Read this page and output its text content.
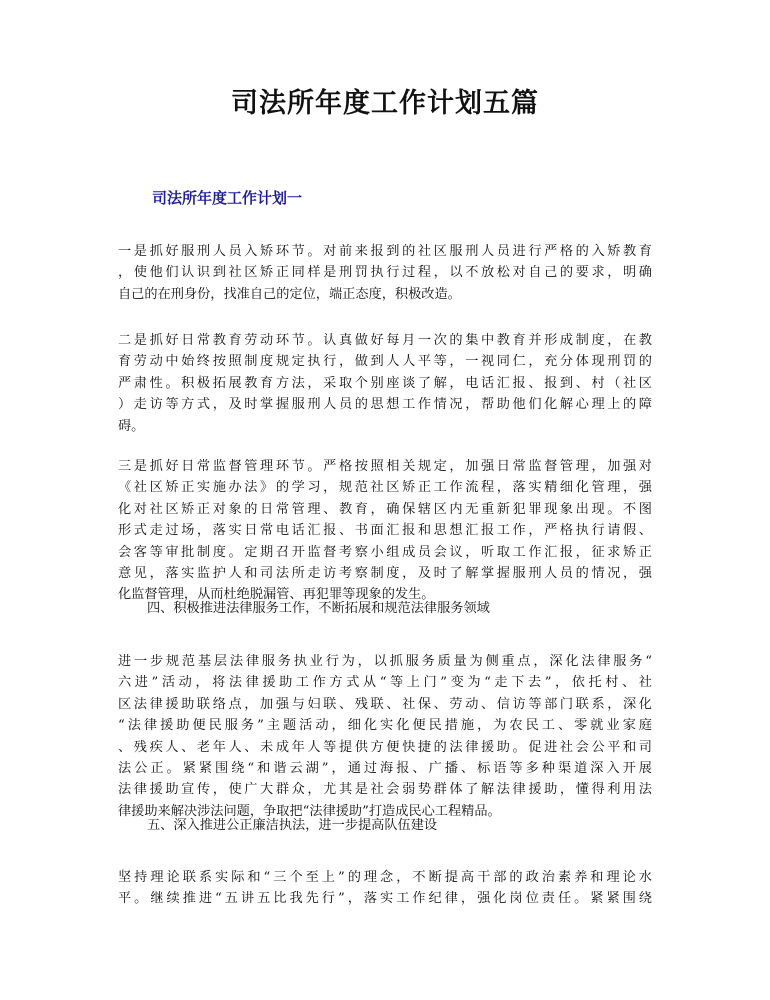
司法所年度工作计划五篇
司法所年度工作计划一
一是抓好服刑人员入矫环节。对前来报到的社区服刑人员进行严格的入矫教育
，使他们认识到社区矫正同样是刑罚执行过程，以不放松对自己的要求，明确
自己的在刑身份，找准自己的定位，端正态度，积极改造。
二是抓好日常教育劳动环节。认真做好每月一次的集中教育并形成制度，在教
育劳动中始终按照制度规定执行，做到人人平等，一视同仁，充分体现刑罚的
严肃性。积极拓展教育方法，采取个别座谈了解，电话汇报、报到、村（社区
）走访等方式，及时掌握服刑人员的思想工作情况，帮助他们化解心理上的障
碍。
三是抓好日常监督管理环节。严格按照相关规定，加强日常监督管理，加强对
《社区矫正实施办法》的学习，规范社区矫正工作流程，落实精细化管理，强
化对社区矫正对象的日常管理、教育，确保辖区内无重新犯罪现象出现。不图
形式走过场，落实日常电话汇报、书面汇报和思想汇报工作，严格执行请假、
会客等审批制度。定期召开监督考察小组成员会议，听取工作汇报，征求矫正
意见，落实监护人和司法所走访考察制度，及时了解掌握服刑人员的情况，强
化监督管理，从而杜绝脱漏管、再犯罪等现象的发生。

四、积极推进法律服务工作，不断拓展和规范法律服务领域

进一步规范基层法律服务执业行为，以抓服务质量为侧重点，深化法律服务“
六进”活动，将法律援助工作方式从“等上门”变为“走下去”，依托村、社
区法律援助联络点，加强与妇联、残联、社保、劳动、信访等部门联系，深化
“法律援助便民服务”主题活动，细化实化便民措施，为农民工、零就业家庭
、残疾人、老年人、未成年人等提供方便快捷的法律援助。促进社会公平和司
法公正。紧紧围绕“和谐云湖”，通过海报、广播、标语等多种渠道深入开展
法律援助宣传，使广大群众，尤其是社会弱势群体了解法律援助，懂得利用法
律援助来解决涉法问题，争取把“法律援助”打造成民心工程精品。

五、深入推进公正廉洁执法，进一步提高队伍建设

坚持理论联系实际和“三个至上”的理念，不断提高干部的政治素养和理论水
平。继续推进“五讲五比我先行”，落实工作纪律，强化岗位责任。紧紧围绕
